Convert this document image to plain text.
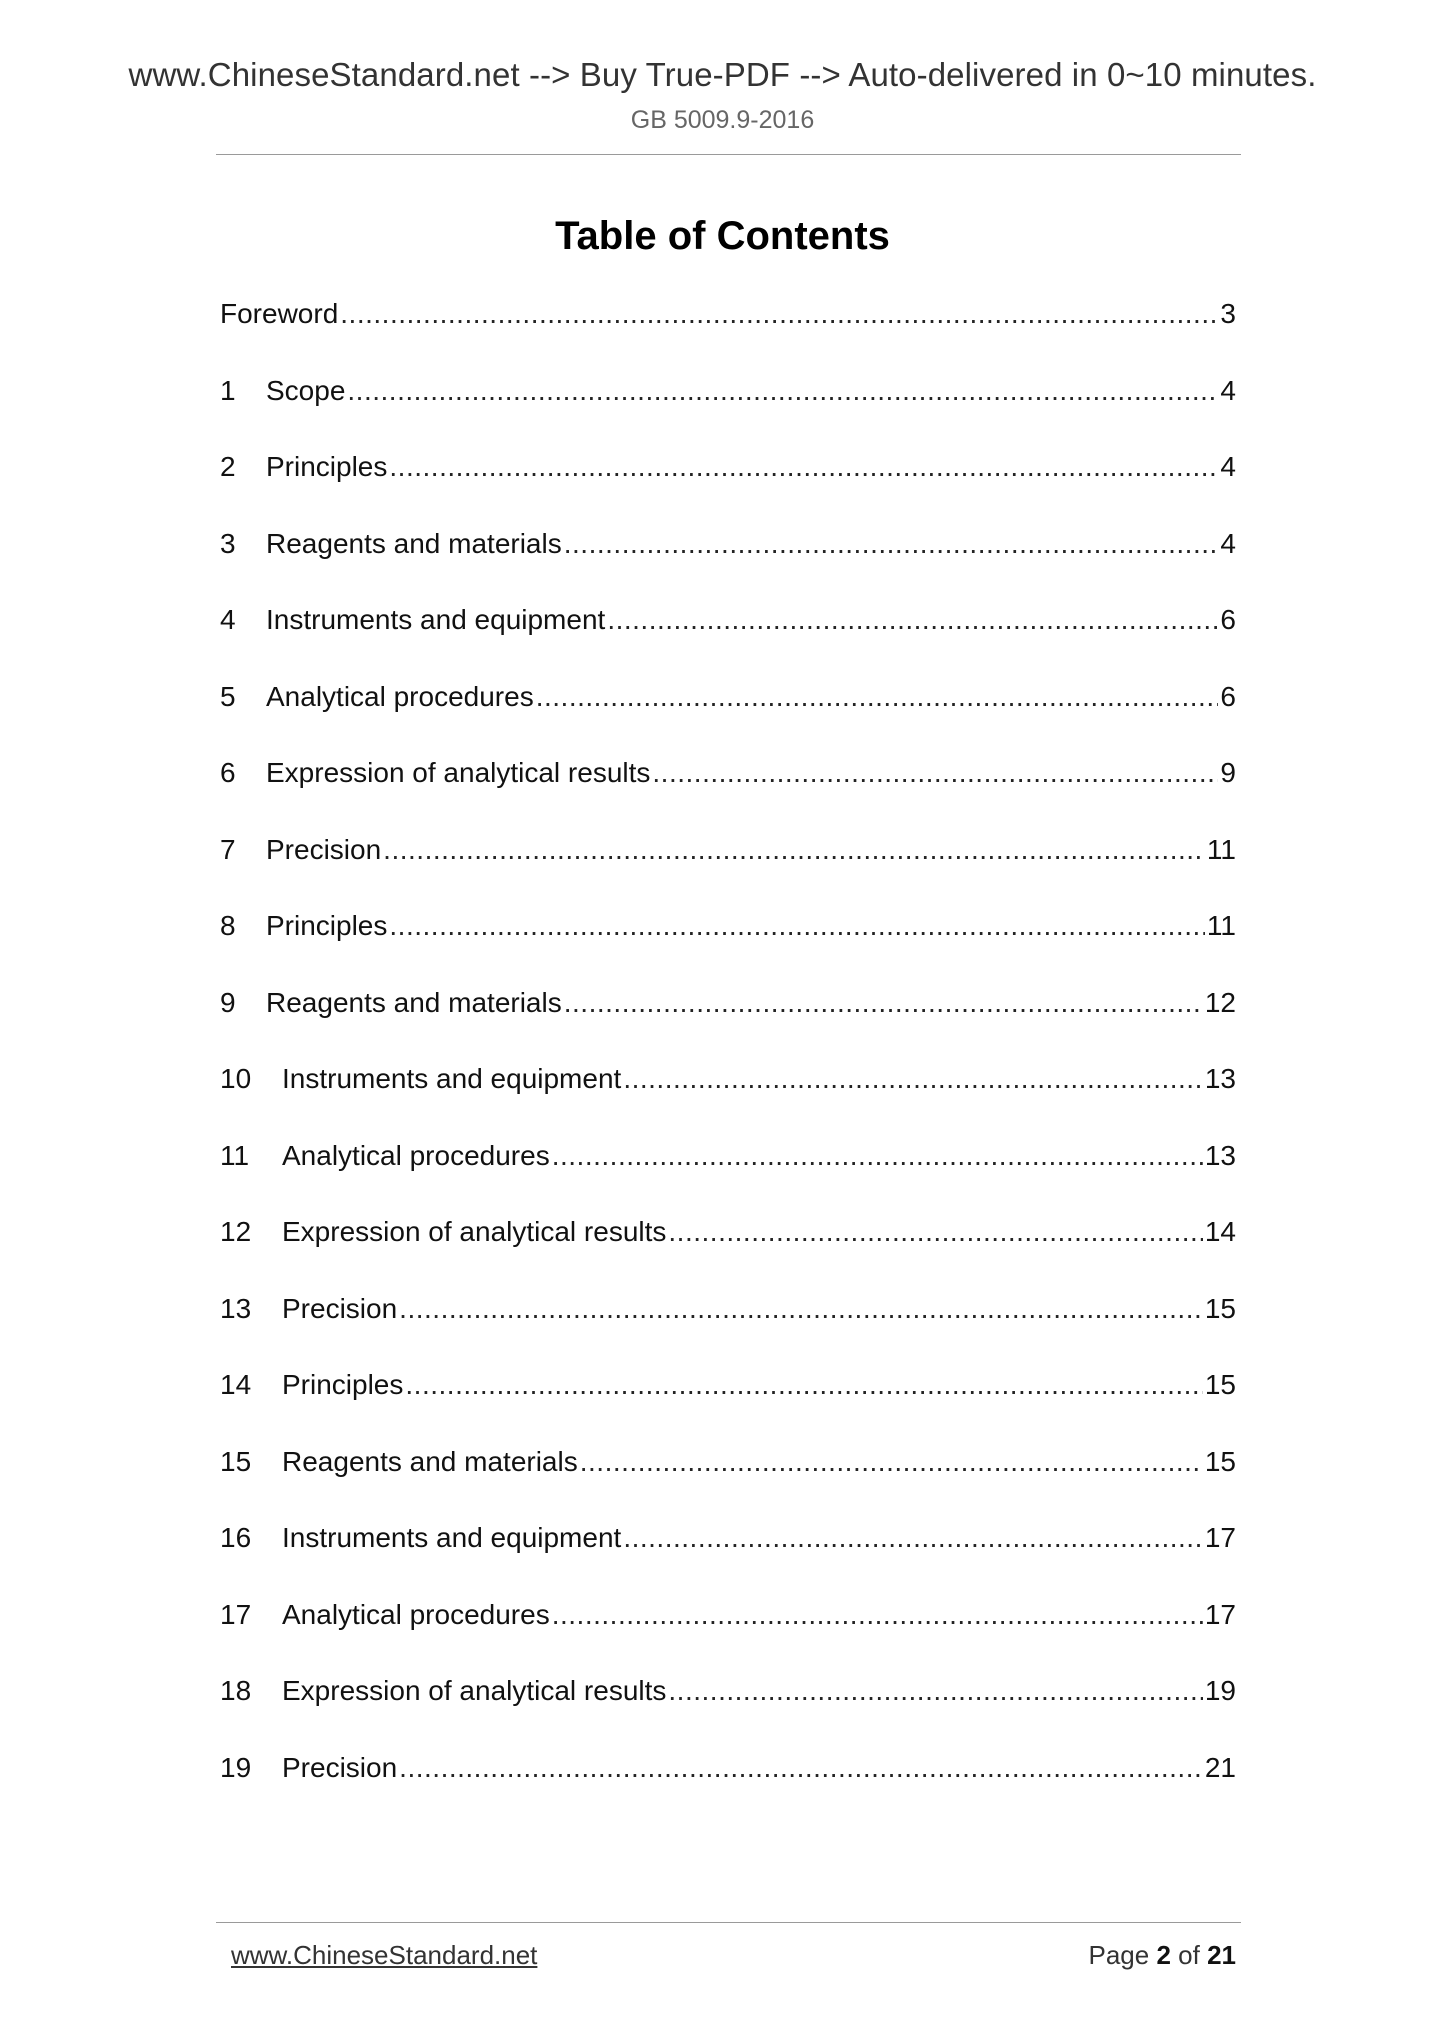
www.ChineseStandard.net --> Buy True-PDF --> Auto-delivered in 0~10 minutes.
GB 5009.9-2016
Table of Contents
Foreword .....	3
1	Scope .....	4
2	Principles .....	4
3	Reagents and materials .....	4
4	Instruments and equipment .....	6
5	Analytical procedures .....	6
6	Expression of analytical results .....	9
7	Precision .....	11
8	Principles .....	11
9	Reagents and materials .....	12
10	Instruments and equipment .....	13
11	Analytical procedures .....	13
12	Expression of analytical results .....	14
13	Precision .....	15
14	Principles .....	15
15	Reagents and materials .....	15
16	Instruments and equipment .....	17
17	Analytical procedures .....	17
18	Expression of analytical results .....	19
19	Precision .....	21
www.ChineseStandard.net	Page 2 of 21
